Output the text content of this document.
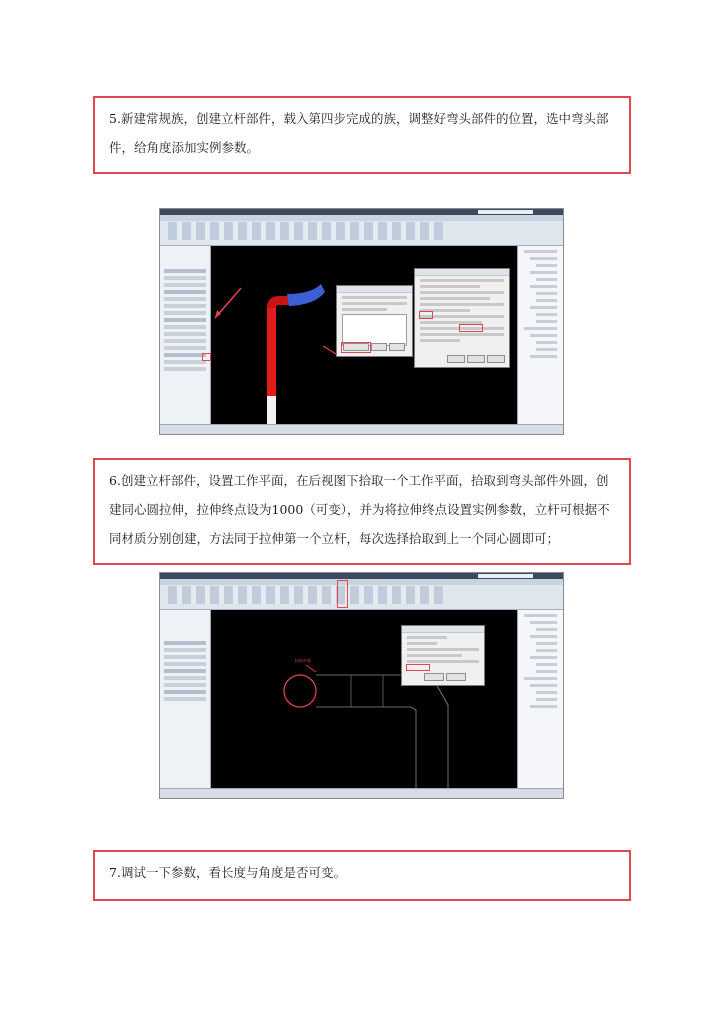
5.新建常规族，创建立杆部件，载入第四步完成的族，调整好弯头部件的位置，选中弯头部件，给角度添加实例参数。
6.创建立杆部件，设置工作平面，在后视图下拾取一个工作平面，拾取到弯头部件外圆，创建同心圆拉伸，拉伸终点设为1000（可变），并为将拉伸终点设置实例参数，立杆可根据不同材质分别创建，方法同于拉伸第一个立杆，每次选择拾取到上一个同心圆即可；
拾取外圆
7.调试一下参数，看长度与角度是否可变。
